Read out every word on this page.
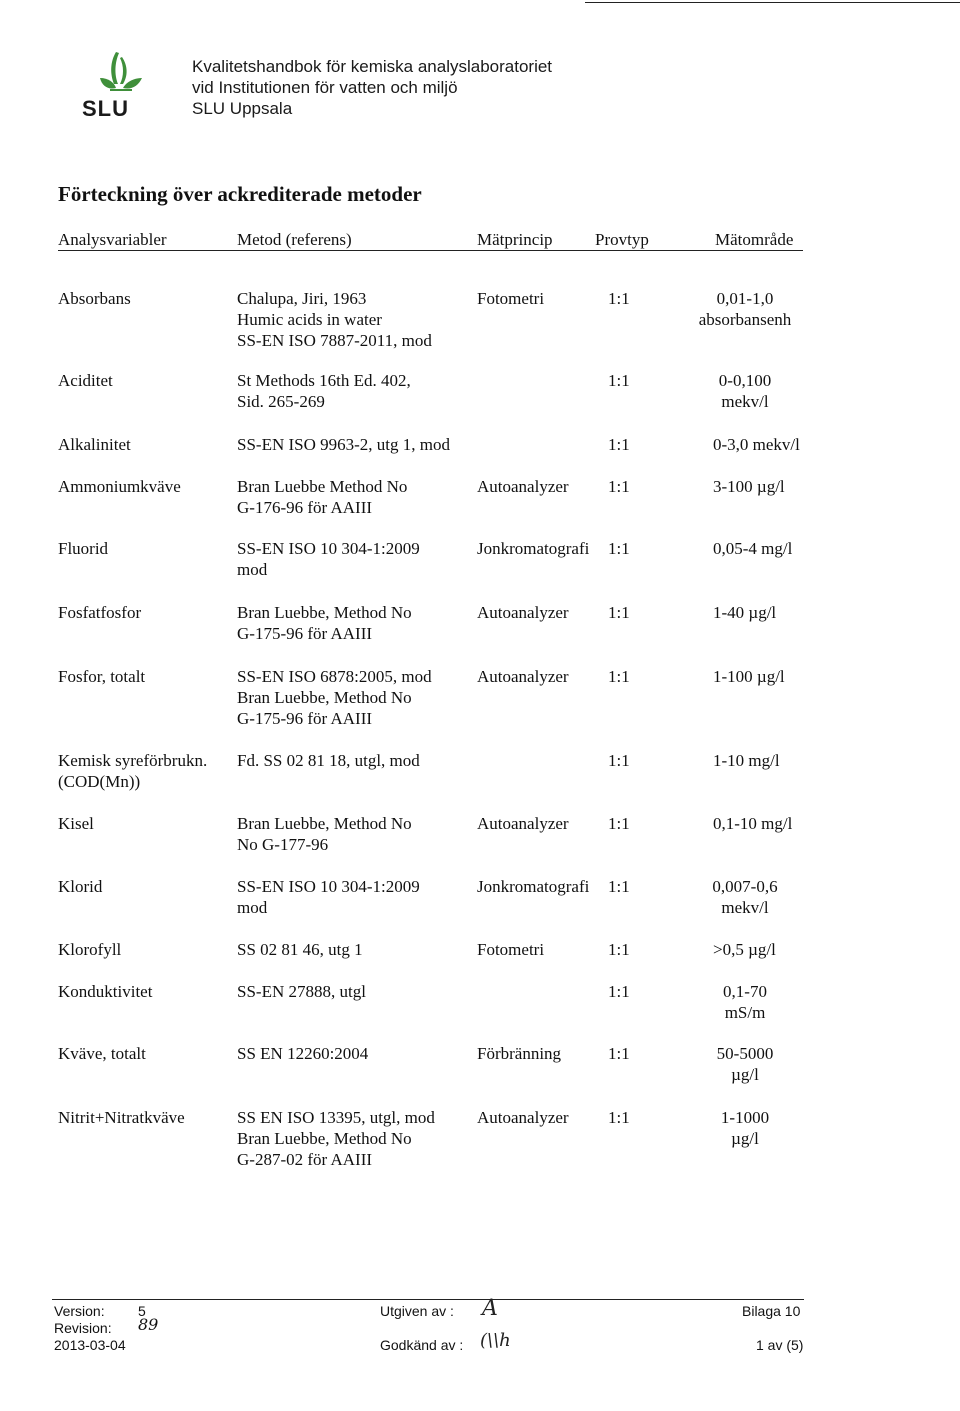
SLU
Kvalitetshandbok för kemiska analyslaboratoriet
vid Institutionen för vatten och miljö
SLU Uppsala
Förteckning över ackrediterade metoder
Analysvariabler	Metod (referens)	Mätprincip Provtyp	Mätområde
Absorbans	Chalupa, Jiri, 1963
Humic acids in water
SS-EN ISO 7887-2011, mod
Fotometri	1:1	0,01-1,0
absorbansenh
Aciditet	St Methods 16th Ed. 402,
Sid. 265-269
1:1	0-0,100
mekv/l
Alkalinitet	SS-EN ISO 9963-2, utg 1, mod	1:1	0-3,0 mekv/l
Ammoniumkväve	Bran Luebbe Method No
G-176-96 för AAIII
Autoanalyzer 1:1	3-100 µg/l
Fluorid	SS-EN ISO 10 304-1:2009
mod
Jonkromatografi 1:1	0,05-4 mg/l
Fosfatfosfor	Bran Luebbe, Method No
G-175-96 för AAIII
Autoanalyzer 1:1	1-40 µg/l
Fosfor, totalt	SS-EN ISO 6878:2005, mod
Bran Luebbe, Method No
G-175-96 för AAIII
Autoanalyzer 1:1	1-100 µg/l
Kemisk syreförbrukn.
(COD(Mn))
Fd. SS 02 81 18, utgl, mod	1:1	1-10 mg/l
Kisel	Bran Luebbe, Method No
No G-177-96
Autoanalyzer 1:1	0,1-10 mg/l
Klorid	SS-EN ISO 10 304-1:2009
mod
Jonkromatografi 1:1	0,007-0,6
mekv/l
Klorofyll	SS 02 81 46, utg 1	Fotometri	1:1	>0,5 µg/l
Konduktivitet	SS-EN 27888, utgl	1:1	0,1-70
mS/m
Kväve, totalt	SS EN 12260:2004	Förbränning	1:1	50-5000
µg/l
Nitrit+Nitratkväve	SS EN ISO 13395, utgl, mod
Bran Luebbe, Method No
G-287-02 för AAIII
Autoanalyzer 1:1	1-1000
µg/l
Version: 5
Revision: 89
2013-03-04
Utgiven av :
Godkänd av :
A
(\\h
Bilaga 10
1 av (5)
